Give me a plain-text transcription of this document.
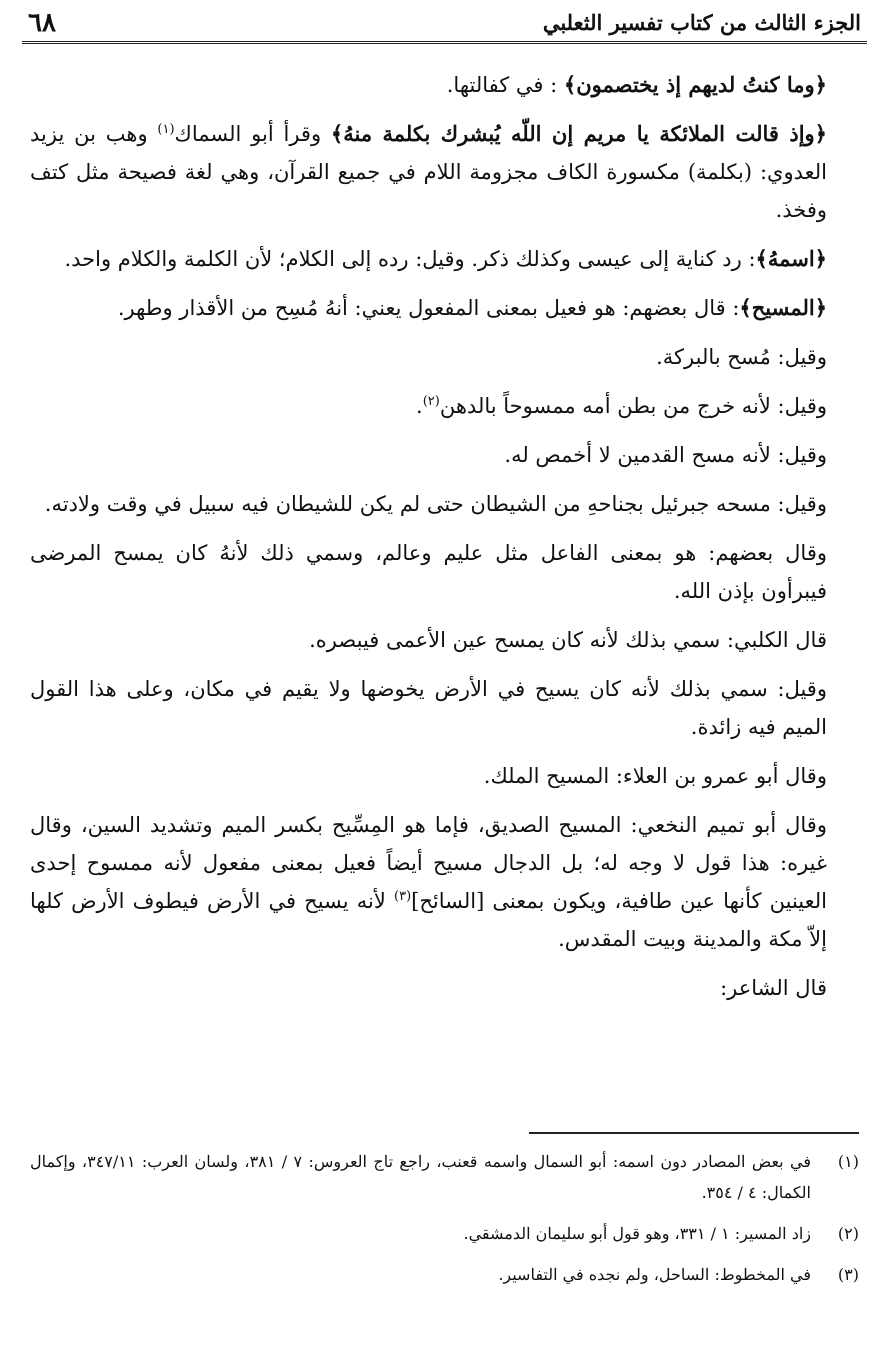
الجزء الثالث من كتاب تفسير الثعلبي
٦٨

﴿وما كنتُ لديهم إذ يختصمون﴾ : في كفالتها.

﴿وإذ قالت الملائكة يا مريم إن اللّه يُبشرك بكلمة منهُ﴾ وقرأ أبو السماك$^{(١)}$ وهب بن يزيد العدوي: (بكلمة) مكسورة الكاف مجزومة اللام في جميع القرآن، وهي لغة فصيحة مثل كتف وفخذ.

﴿اسمهُ﴾: رد كناية إلى عيسى وكذلك ذكر. وقيل: رده إلى الكلام؛ لأن الكلمة والكلام واحد.

﴿المسيح﴾: قال بعضهم: هو فعيل بمعنى المفعول يعني: أنهُ مُسِح من الأقذار وطهر.

وقيل: مُسح بالبركة.

وقيل: لأنه خرج من بطن أمه ممسوحاً بالدهن$^{(٢)}$.

وقيل: لأنه مسح القدمين لا أخمص له.

وقيل: مسحه جبرئيل بجناحهِ من الشيطان حتى لم يكن للشيطان فيه سبيل في وقت ولادته.

وقال بعضهم: هو بمعنى الفاعل مثل عليم وعالم، وسمي ذلك لأنهُ كان يمسح المرضى فيبرأون بإذن الله.

قال الكلبي: سمي بذلك لأنه كان يمسح عين الأعمى فيبصره.

وقيل: سمي بذلك لأنه كان يسيح في الأرض يخوضها ولا يقيم في مكان، وعلى هذا القول الميم فيه زائدة.

وقال أبو عمرو بن العلاء: المسيح الملك.

وقال أبو تميم النخعي: المسيح الصديق، فإما هو المِسِّيح بكسر الميم وتشديد السين، وقال غيره: هذا قول لا وجه له؛ بل الدجال مسيح أيضاً فعيل بمعنى مفعول لأنه ممسوح إحدى العينين كأنها عين طافية، ويكون بمعنى [السائح]$^{(٣)}$ لأنه يسيح في الأرض فيطوف الأرض كلها إلاّ مكة والمدينة وبيت المقدس.

قال الشاعر:

(١)
في بعض المصادر دون اسمه: أبو السمال واسمه قعنب، راجع تاج العروس: ٧ / ٣٨١، ولسان العرب: ٣٤٧/١١، وإكمال الكمال: ٤ / ٣٥٤.
(٢)
زاد المسير: ١ / ٣٣١، وهو قول أبو سليمان الدمشقي.
(٣)
في المخطوط: الساحل، ولم نجده في التفاسير.
